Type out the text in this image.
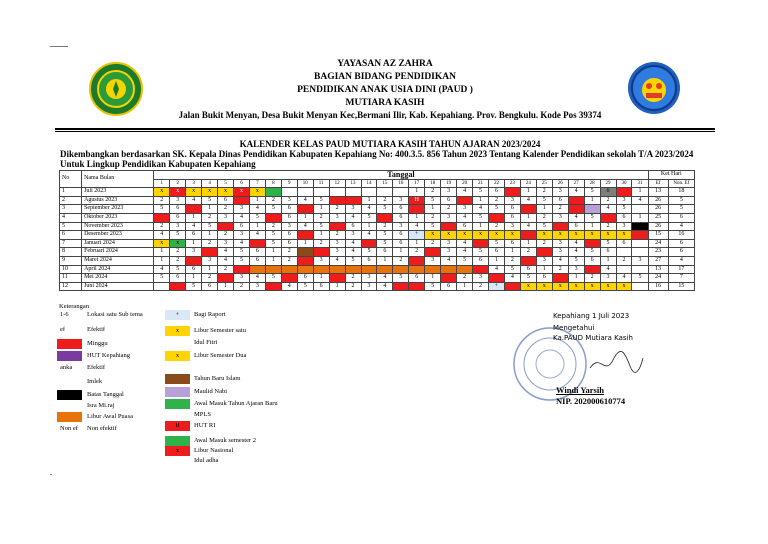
YAYASAN AZ ZAHRA
BAGIAN BIDANG PENDIDIKAN
PENDIDIKAN ANAK USIA DINI (PAUD )
MUTIARA KASIH
Jalan Bukit Menyan, Desa Bukit Menyan Kec,Bermani Ilir, Kab. Kepahiang. Prov. Bengkulu. Kode Pos 39374
KALENDER KELAS PAUD MUTIARA KASIH TAHUN AJARAN 2023/2024
Dikembangkan berdasarkan SK. Kepala Dinas Pendidikan Kabupaten Kepahiang No: 400.3.5. 856 Tahun 2023 Tentang Kalender Pendidikan sekolah T/A 2023/2024
Untuk Lingkup Pendidikan Kabupaten Kepahiang
No	Nama Bulan	Tanggal																															Ket Hari	
		1	2	3	4	5	6	7	8	9	10	11	12	13	14	15	16	17	18	19	20	21	22	23	24	25	26	27	28	29	30	31	Ef	Non. Ef
1	Juli 2023	x	x	x	x	x	x	x										1	2	3	4	5	6		1	2	3	4	5	6		1	13	18
2	Agustus 2023	2	3	4	5	6		1	2	3	4	5			1	2	3	H	5	6		1	2	3	4	5	6		1	2	3	4	26	5
3	September 2023	5	6		1	2	3	4	5	6		1	2	3	4	5	6		1	2	3	4	5	6		1	2			4	5		26	5
4	Oktober 2023		6	1	2	3	4	5		6	1	2	3	4	5		6	1	2	3	4	5		6	1	2	3	4	5		6	1	25	6
5	November 2023	2	3	4	5		6	1	2	3	4	5		6	1	2	3	4	5		6	1	2	3	4	5		6	1	2	3		26	4
6	Desember 2023	4	5	6	1	2	3	4	5	6		1	2	3	4	5	6	+	x	x	x	x	x	x		x	x	x	x	x	x		15	16
7	Januari 2024	x	x	1	2	3	4		5	6	1	2	3	4		5	6	1	2	3	4		5	6	1	2	3	4		5	6		24	6
8	Februari 2024	1	2	3		4	5	6	1	2			3	4	5	6	1	2		3	4	5	6	1	2		3	4	5	6			23	6
9	Maret 2024	1	2		3	4	5	6	1	2		3	4	5	6	1	2		3	4	5	6	1	2		3	4	5	6	1	2	3	27	4
10	April 2024	4	5	6	1	2																	4	5	6	1	2	3		4			13	17
11	Mei 2024	5	6	1	2		3	4	5		6	1		2	3	4	5	6	1		2	3		4	5	6		1	2	3	4	5	24	7
12	Juni 2024			5	6	1	2	3		4	5	6	1	2	3	4			5	6	1	2	+		x	x	x	x	x	x	x		16	15
Keterangan
1-6	Lokasi satu Sub tema
ef	Efektif
Minggu
HUT Kepahiang
anka	Efektif
Imlek
Batas Tanggal
Isra Mi.raj
Libur Awal Puasa
Non ef	Non efektif
+	Bagi Raport
x	Libur Semester satu
Idul Fitri
x	Libur Semester Dua
Tahun Baru Islam
Maulid Nabi
Awal Masuk Tahun Ajaran Baru
MPLS
H	HUT RI
Awal Masuk semester 2
x	Libur Nasional
Idul adha
Kepahiang 1 Juli 2023
Mengetahui
Ka.PAUD Mutiara Kasih
Windi Yarsih
NIP. 202000610774
